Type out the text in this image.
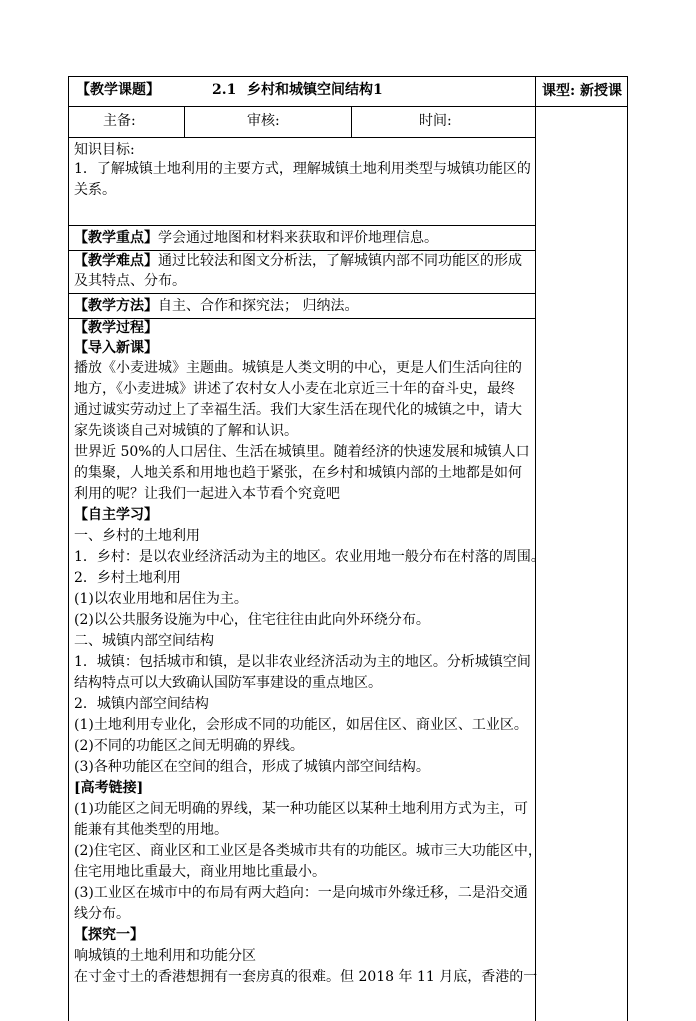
【教学课题】	2.1 乡村和城镇空间结构1	课型: 新授课
主备:	审核:	时间:
知识目标:
1．了解城镇土地利用的主要方式，理解城镇土地利用类型与城镇功能区的
关系。
【教学重点】学会通过地图和材料来获取和评价地理信息。
【教学难点】通过比较法和图文分析法，了解城镇内部不同功能区的形成
及其特点、分布。
【教学方法】自主、合作和探究法； 归纳法。
【教学过程】
【导入新课】
播放《小麦进城》主题曲。城镇是人类文明的中心，更是人们生活向往的
地方，《小麦进城》讲述了农村女人小麦在北京近三十年的奋斗史，最终
通过诚实劳动过上了幸福生活。我们大家生活在现代化的城镇之中，请大
家先谈谈自己对城镇的了解和认识。
世界近 50%的人口居住、生活在城镇里。随着经济的快速发展和城镇人口
的集聚，人地关系和用地也趋于紧张，在乡村和城镇内部的土地都是如何
利用的呢？让我们一起进入本节看个究竟吧
【自主学习】
一、乡村的土地利用
1．乡村：是以农业经济活动为主的地区。农业用地一般分布在村落的周围。
2．乡村土地利用
(1)以农业用地和居住为主。
(2)以公共服务设施为中心，住宅往往由此向外环绕分布。
二、城镇内部空间结构
1．城镇：包括城市和镇，是以非农业经济活动为主的地区。分析城镇空间
结构特点可以大致确认国防军事建设的重点地区。
2．城镇内部空间结构
(1)土地利用专业化，会形成不同的功能区，如居住区、商业区、工业区。
(2)不同的功能区之间无明确的界线。
(3)各种功能区在空间的组合，形成了城镇内部空间结构。
[高考链接]
(1)功能区之间无明确的界线，某一种功能区以某种土地利用方式为主，可
能兼有其他类型的用地。
(2)住宅区、商业区和工业区是各类城市共有的功能区。城市三大功能区中，
住宅用地比重最大，商业用地比重最小。
(3)工业区在城市中的布局有两大趋向：一是向城市外缘迁移，二是沿交通
线分布。
【探究一】
响城镇的土地利用和功能分区
在寸金寸土的香港想拥有一套房真的很难。但 2018 年 11 月底，香港的一
